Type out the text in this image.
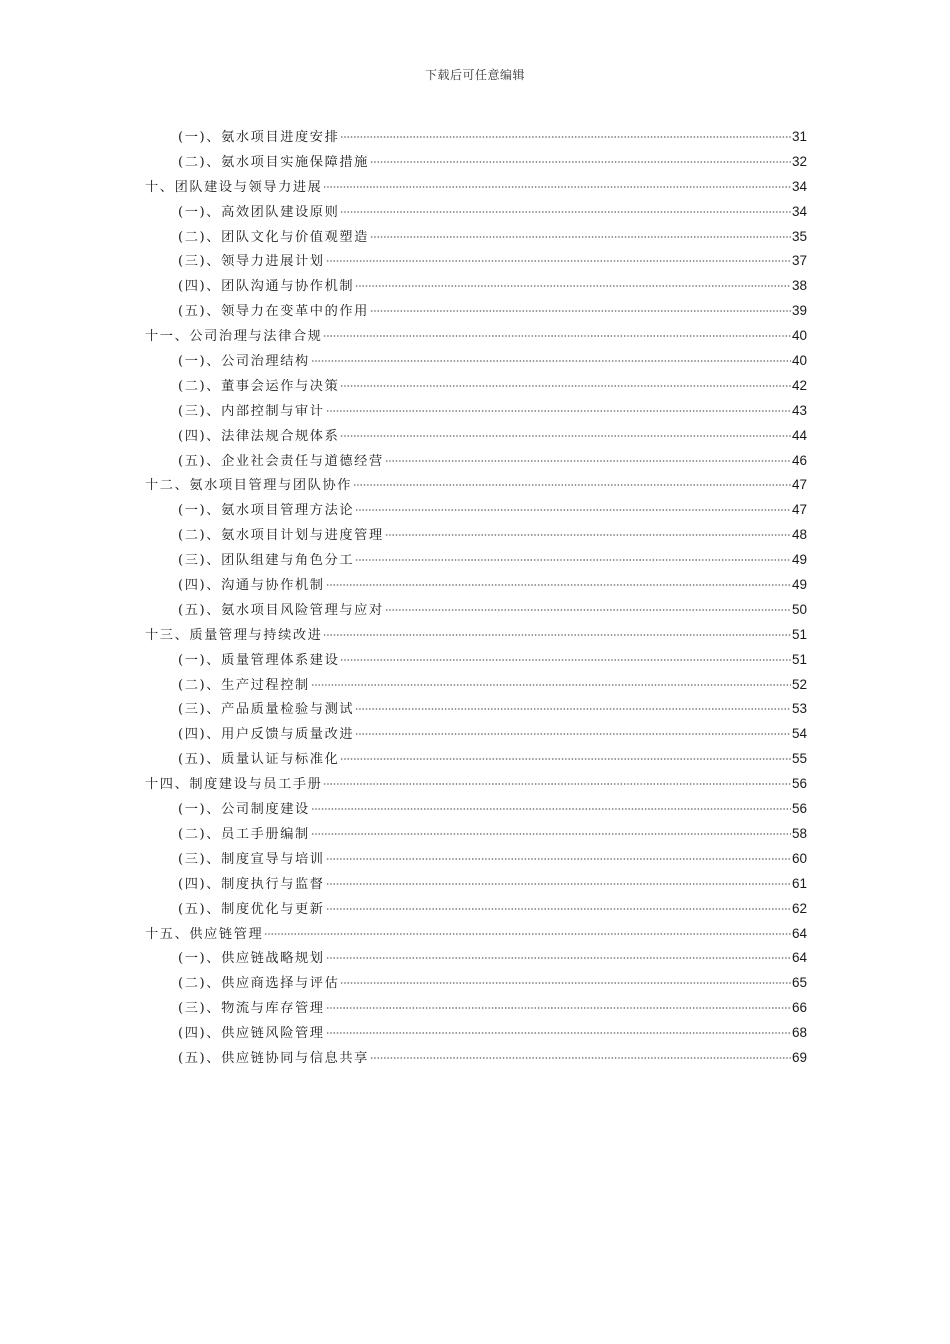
下载后可任意编辑
(一)、氨水项目进度安排	31
(二)、氨水项目实施保障措施	32
十、团队建设与领导力进展	34
(一)、高效团队建设原则	34
(二)、团队文化与价值观塑造	35
(三)、领导力进展计划	37
(四)、团队沟通与协作机制	38
(五)、领导力在变革中的作用	39
十一、公司治理与法律合规	40
(一)、公司治理结构	40
(二)、董事会运作与决策	42
(三)、内部控制与审计	43
(四)、法律法规合规体系	44
(五)、企业社会责任与道德经营	46
十二、氨水项目管理与团队协作	47
(一)、氨水项目管理方法论	47
(二)、氨水项目计划与进度管理	48
(三)、团队组建与角色分工	49
(四)、沟通与协作机制	49
(五)、氨水项目风险管理与应对	50
十三、质量管理与持续改进	51
(一)、质量管理体系建设	51
(二)、生产过程控制	52
(三)、产品质量检验与测试	53
(四)、用户反馈与质量改进	54
(五)、质量认证与标准化	55
十四、制度建设与员工手册	56
(一)、公司制度建设	56
(二)、员工手册编制	58
(三)、制度宣导与培训	60
(四)、制度执行与监督	61
(五)、制度优化与更新	62
十五、供应链管理	64
(一)、供应链战略规划	64
(二)、供应商选择与评估	65
(三)、物流与库存管理	66
(四)、供应链风险管理	68
(五)、供应链协同与信息共享	69
